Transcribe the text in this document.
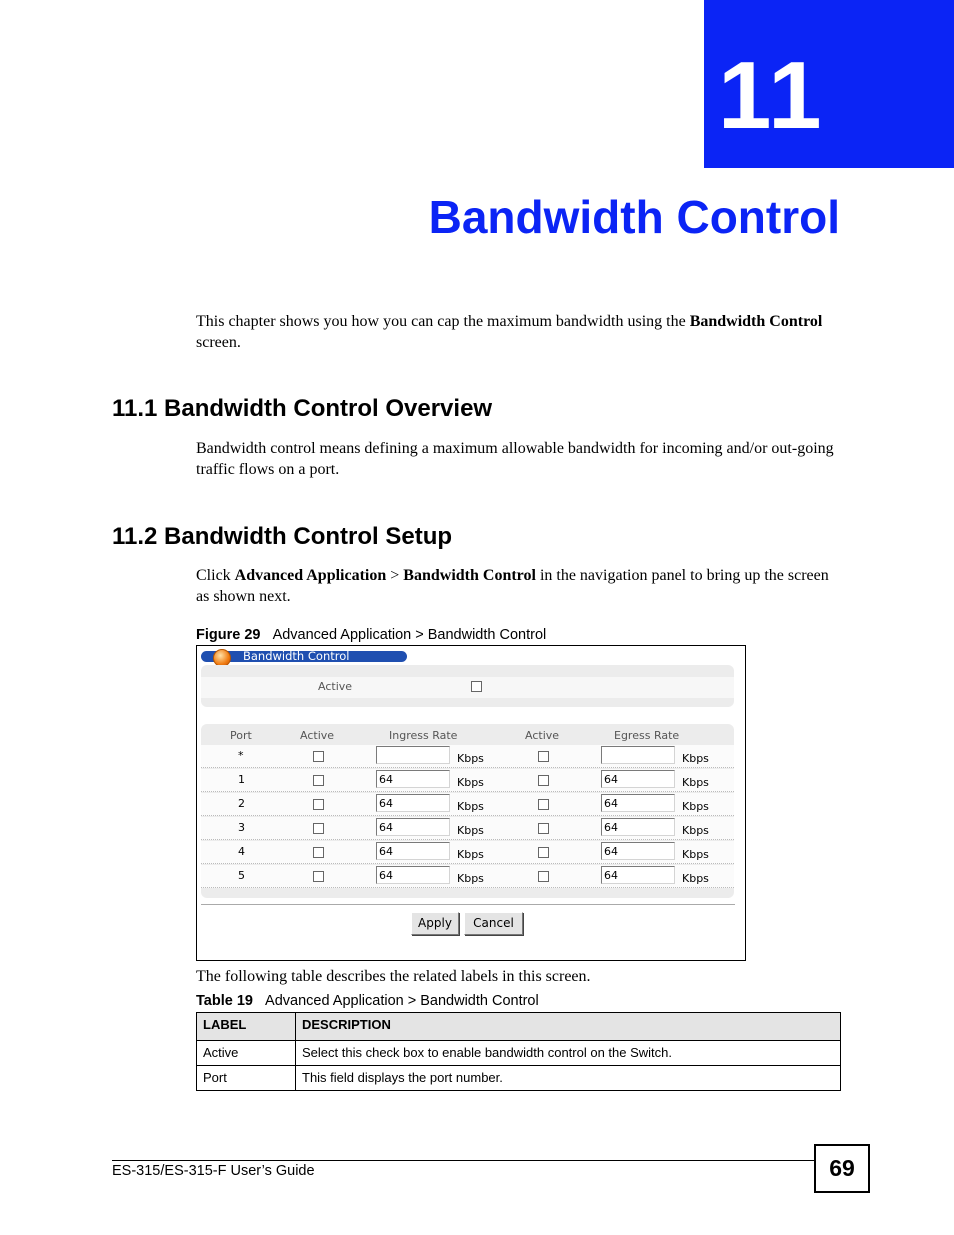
11
Bandwidth Control
This chapter shows you how you can cap the maximum bandwidth using the Bandwidth Control screen.
11.1 Bandwidth Control Overview
Bandwidth control means defining a maximum allowable bandwidth for incoming and/or out-going traffic flows on a port.
11.2 Bandwidth Control Setup
Click Advanced Application > Bandwidth Control in the navigation panel to bring up the screen as shown next.
Figure 29 Advanced Application > Bandwidth Control
Bandwidth Control
Active
Port	Active	Ingress Rate	Active	Egress Rate
*	Kbps	Kbps
1	64	Kbps	64	Kbps
2	64	Kbps	64	Kbps
3	64	Kbps	64	Kbps
4	64	Kbps	64	Kbps
5	64	Kbps	64	Kbps
Apply	Cancel
The following table describes the related labels in this screen.
Table 19 Advanced Application > Bandwidth Control
LABEL	DESCRIPTION
Active	Select this check box to enable bandwidth control on the Switch.
Port	This field displays the port number.
ES-315/ES-315-F User’s Guide	69
